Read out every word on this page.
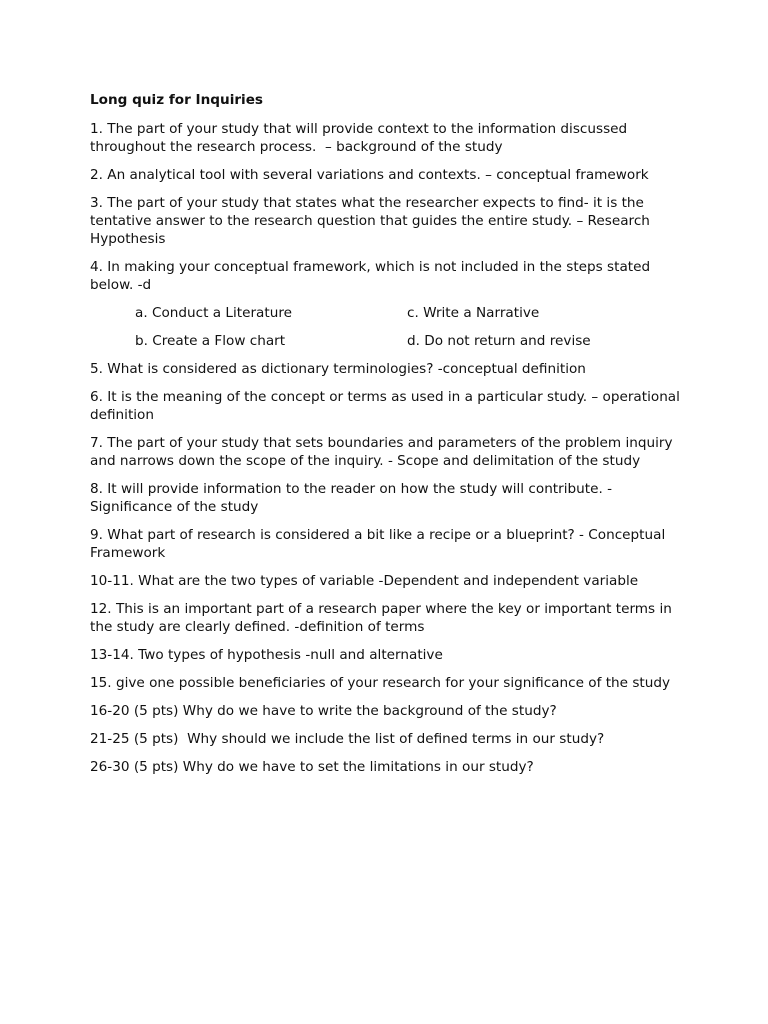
Long quiz for Inquiries
1. The part of your study that will provide context to the information discussed throughout the research process.  – background of the study
2. An analytical tool with several variations and contexts. – conceptual framework
3. The part of your study that states what the researcher expects to find- it is the tentative answer to the research question that guides the entire study. – Research Hypothesis
4. In making your conceptual framework, which is not included in the steps stated below. -d
a. Conduct a Literature	c. Write a Narrative
b. Create a Flow chart	d. Do not return and revise
5. What is considered as dictionary terminologies? -conceptual definition
6. It is the meaning of the concept or terms as used in a particular study. – operational definition
7. The part of your study that sets boundaries and parameters of the problem inquiry and narrows down the scope of the inquiry. - Scope and delimitation of the study
8. It will provide information to the reader on how the study will contribute. - Significance of the study
9. What part of research is considered a bit like a recipe or a blueprint? - Conceptual Framework
10-11. What are the two types of variable -Dependent and independent variable
12. This is an important part of a research paper where the key or important terms in the study are clearly defined. -definition of terms
13-14. Two types of hypothesis -null and alternative
15. give one possible beneficiaries of your research for your significance of the study
16-20 (5 pts) Why do we have to write the background of the study?
21-25 (5 pts)  Why should we include the list of defined terms in our study?
26-30 (5 pts) Why do we have to set the limitations in our study?
